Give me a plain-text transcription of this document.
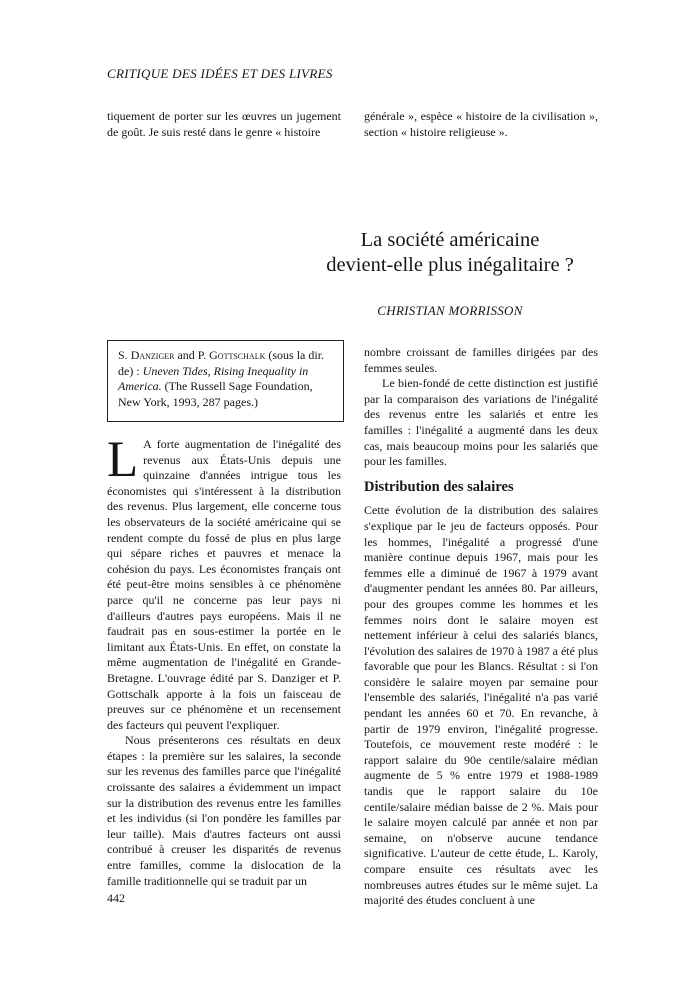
CRITIQUE DES IDÉES ET DES LIVRES

tiquement de porter sur les œuvres un jugement de goût. Je suis resté dans le genre « histoire

générale », espèce « histoire de la civilisation », section « histoire religieuse ».

La société américaine
devient-elle plus inégalitaire ?
CHRISTIAN MORRISSON
S. Danziger and P. Gottschalk (sous la dir. de) : Uneven Tides, Rising Inequality in America. (The Russell Sage Foundation, New York, 1993, 287 pages.)

L A forte augmentation de l'inégalité des revenus aux États-Unis depuis une quinzaine d'années intrigue tous les économistes qui s'intéressent à la distribution des revenus. Plus largement, elle concerne tous les observateurs de la société américaine qui se rendent compte du fossé de plus en plus large qui sépare riches et pauvres et menace la cohésion du pays. Les économistes français ont été peut-être moins sensibles à ce phénomène parce qu'il ne concerne pas leur pays ni d'ailleurs d'autres pays européens. Mais il ne faudrait pas en sous-estimer la portée en le limitant aux États-Unis. En effet, on constate la même augmentation de l'inégalité en Grande-Bretagne. L'ouvrage édité par S. Danziger et P. Gottschalk apporte à la fois un faisceau de preuves sur ce phénomène et un recensement des facteurs qui peuvent l'expliquer.

Nous présenterons ces résultats en deux étapes : la première sur les salaires, la seconde sur les revenus des familles parce que l'inégalité croissante des salaires a évidemment un impact sur la distribution des revenus entre les familles et les individus (si l'on pondère les familles par leur taille). Mais d'autres facteurs ont aussi contribué à creuser les disparités de revenus entre familles, comme la dislocation de la famille traditionnelle qui se traduit par un

nombre croissant de familles dirigées par des femmes seules.

Le bien-fondé de cette distinction est justifié par la comparaison des variations de l'inégalité des revenus entre les salariés et entre les familles : l'inégalité a augmenté dans les deux cas, mais beaucoup moins pour les salariés que pour les familles.

Distribution des salaires

Cette évolution de la distribution des salaires s'explique par le jeu de facteurs opposés. Pour les hommes, l'inégalité a progressé d'une manière continue depuis 1967, mais pour les femmes elle a diminué de 1967 à 1979 avant d'augmenter pendant les années 80. Par ailleurs, pour des groupes comme les hommes et les femmes noirs dont le salaire moyen est nettement inférieur à celui des salariés blancs, l'évolution des salaires de 1970 à 1987 a été plus favorable que pour les Blancs. Résultat : si l'on considère le salaire moyen par semaine pour l'ensemble des salariés, l'inégalité n'a pas varié pendant les années 60 et 70. En revanche, à partir de 1979 environ, l'inégalité progresse. Toutefois, ce mouvement reste modéré : le rapport salaire du 90e centile/salaire médian augmente de 5 % entre 1979 et 1988-1989 tandis que le rapport salaire du 10e centile/salaire médian baisse de 2 %. Mais pour le salaire moyen calculé par année et non par semaine, on n'observe aucune tendance significative. L'auteur de cette étude, L. Karoly, compare ensuite ces résultats avec les nombreuses autres études sur le même sujet. La majorité des études concluent à une

442
